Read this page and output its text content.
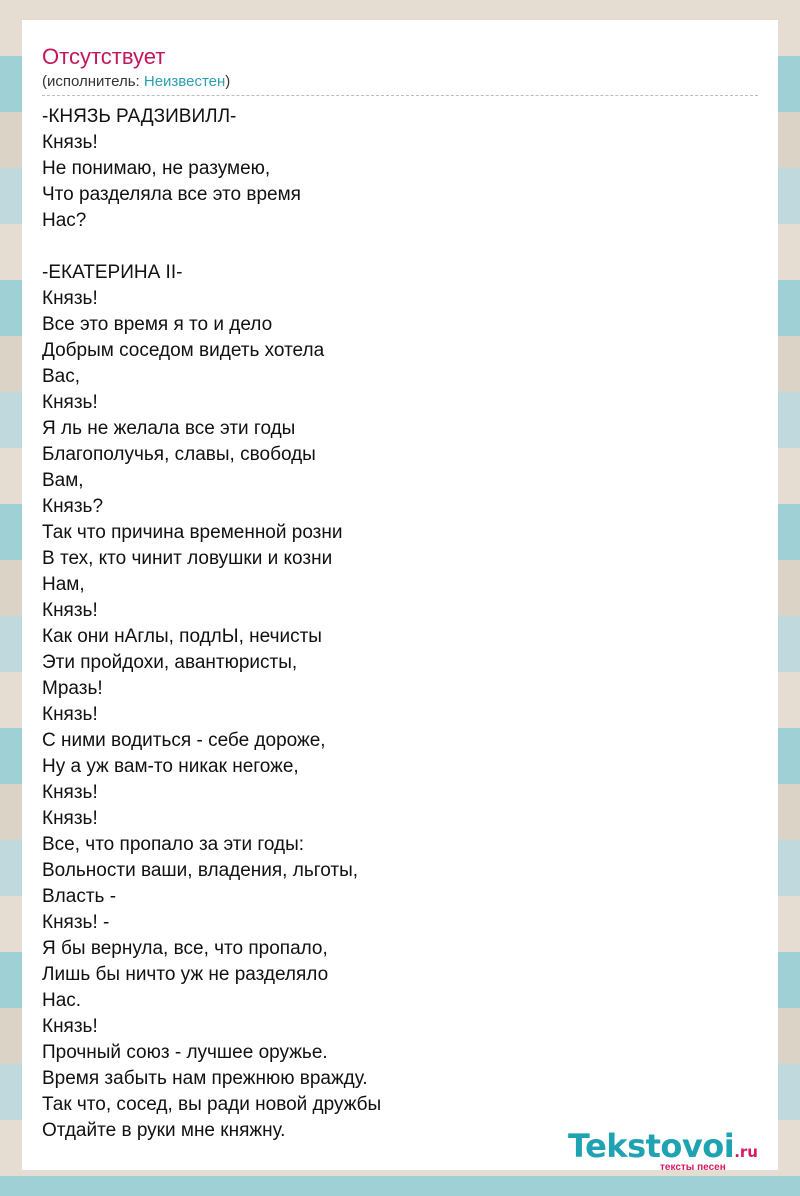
Отсутствует
(исполнитель: Неизвестен)
-КНЯЗЬ РАДЗИВИЛЛ-
Князь!
Не понимаю, не разумею,
Что разделяла все это время
Нас?
-ЕКАТЕРИНА II-
Князь!
Все это время я то и дело
Добрым соседом видеть хотела
Вас,
Князь!
Я ль не желала все эти годы
Благополучья, славы, свободы
Вам,
Князь?
Так что причина временной розни
В тех, кто чинит ловушки и козни
Нам,
Князь!
Как они нАглы, подлЫ, нечисты
Эти пройдохи, авантюристы,
Мразь!
Князь!
С ними водиться - себе дороже,
Ну а уж вам-то никак негоже,
Князь!
Князь!
Все, что пропало за эти годы:
Вольности ваши, владения, льготы,
Власть -
Князь! -
Я бы вернула, все, что пропало,
Лишь бы ничто уж не разделяло
Нас.
Князь!
Прочный союз - лучшее оружье.
Время забыть нам прежнюю вражду.
Так что, сосед, вы ради новой дружбы
Отдайте в руки мне княжну.	Tekstovoi.ru
тексты песен
